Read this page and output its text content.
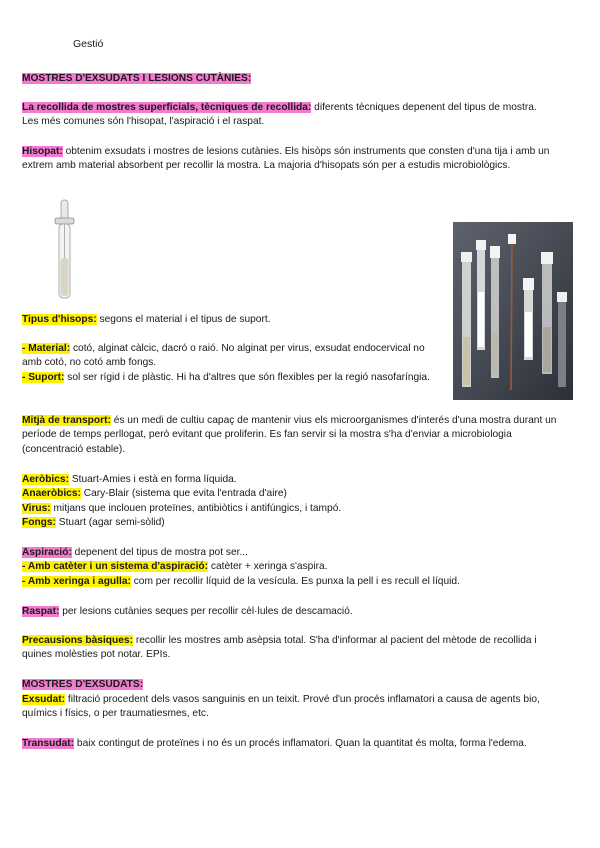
Gestió

MOSTRES D'EXSUDATS I LESIONS CUTÀNIES:

La recollida de mostres superficials, tècniques de recollida: diferents tècniques depenent del tipus de mostra. Les més comunes són l'hisopat, l'aspiració i el raspat.

Hisopat: obtenim exsudats i mostres de lesions cutànies. Els hisòps són instruments que consten d'una tija i amb un extrem amb material absorbent per recollir la mostra. La majoria d'hisopats són per a estudis microbiològics.

Tipus d'hisops: segons el material i el tipus de suport.

- Material: cotó, alginat càlcic, dacró o raió. No alginat per virus, exsudat endocervical no amb cotó, no cotó amb fongs.
- Suport: sol ser rígid i de plàstic. Hi ha d'altres que són flexibles per la regió nasofaríngia.

Mitjà de transport: és un medi de cultiu capaç de mantenir vius els microorganismes d'interés d'una mostra durant un període de temps perllogat, però evitant que proliferin. Es fan servir si la mostra s'ha d'enviar a microbiologia (concentració estable).

Aeròbics: Stuart-Amies i està en forma líquida.
Anaeròbics: Cary-Blair (sistema que evita l'entrada d'aire)
Virus: mitjans que inclouen proteïnes, antibiòtics i antifúngics, i tampó.
Fongs: Stuart (agar semi-sòlid)

Aspiració: depenent del tipus de mostra pot ser...
- Amb catèter i un sistema d'aspiració: catèter + xeringa s'aspira.
- Amb xeringa i agulla: com per recollir líquid de la vesícula. Es punxa la pell i es recull el líquid.

Raspat: per lesions cutànies seques per recollir cèl·lules de descamació.

Precausions bàsiques: recollir les mostres amb asèpsia total. S'ha d'informar al pacient del mètode de recollida i quines molèsties pot notar. EPIs.

MOSTRES D'EXSUDATS:

Exsudat: filtració procedent dels vasos sanguinis en un teixit. Prové d'un procés inflamatori a causa de agents bio, químics i físics, o per traumatiesmes, etc.

Transudat: baix contingut de proteïnes i no és un procés inflamatori. Quan la quantitat és molta, forma l'edema.
